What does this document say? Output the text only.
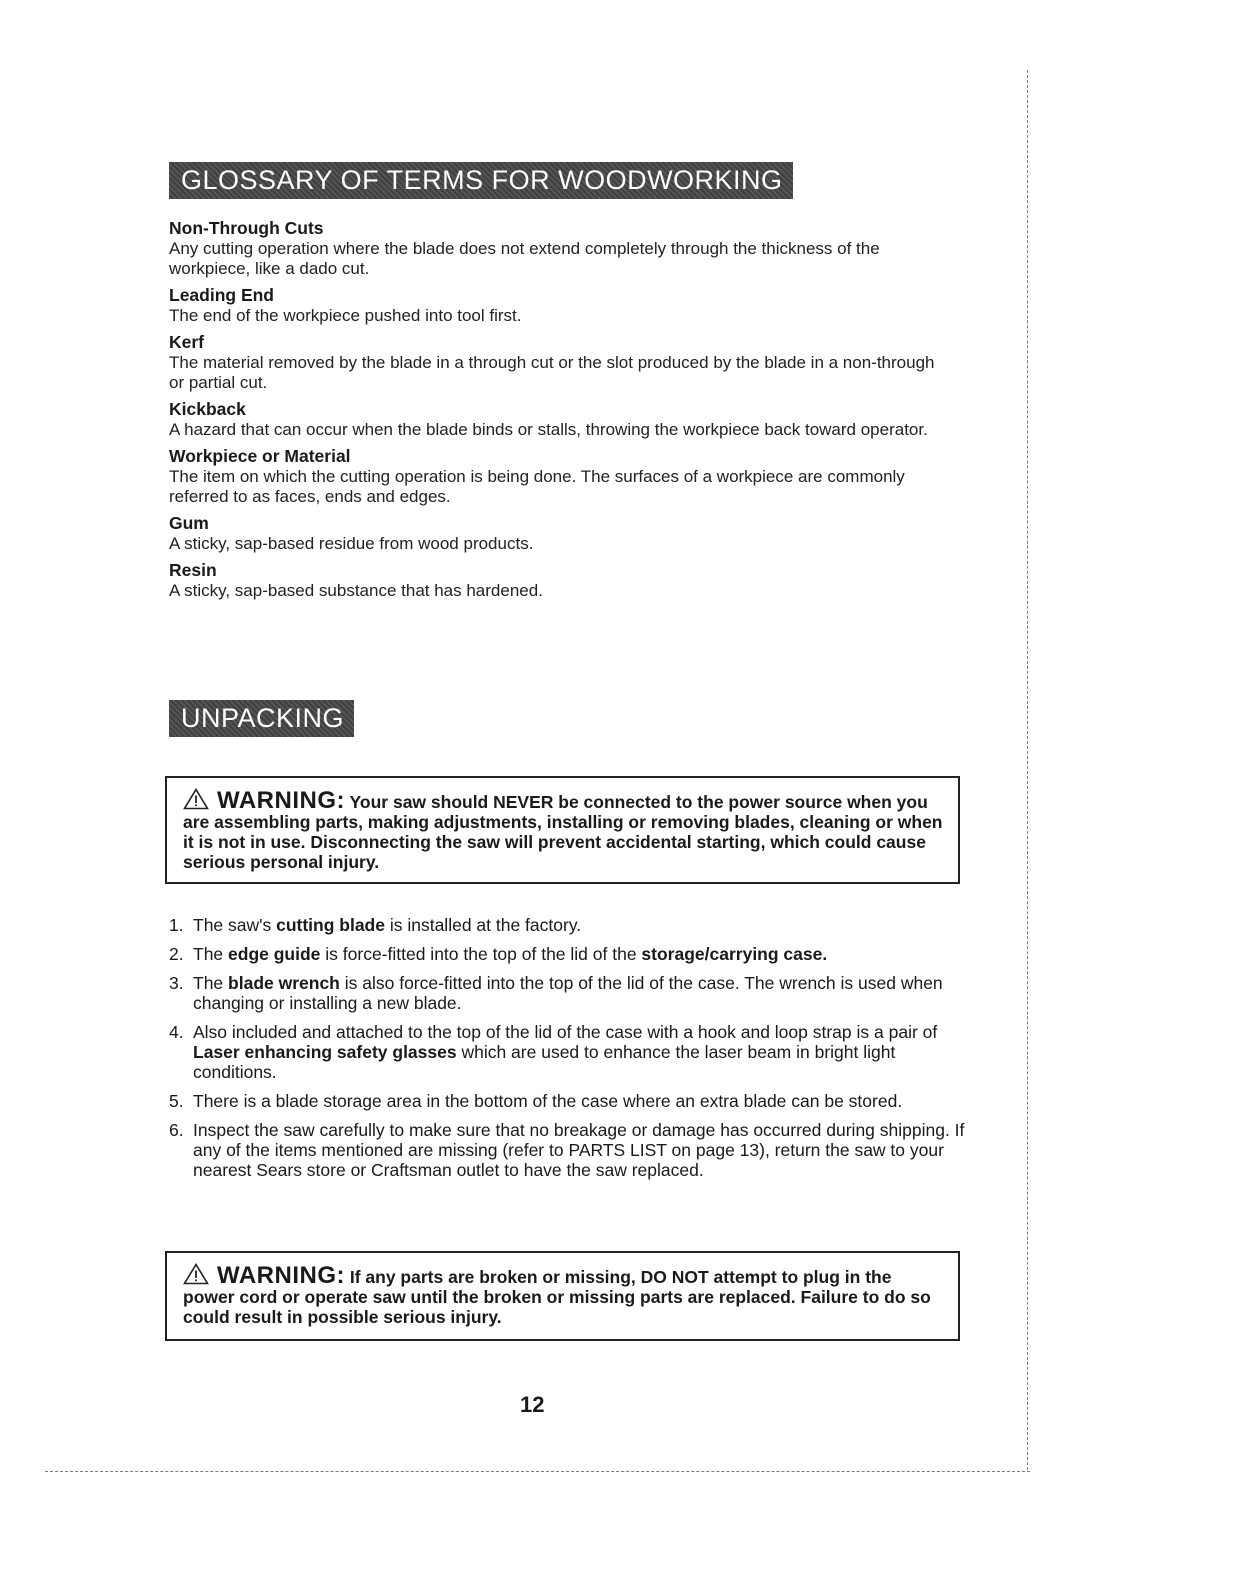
GLOSSARY OF TERMS FOR WOODWORKING
Non-Through Cuts
Any cutting operation where the blade does not extend completely through the thickness of the workpiece, like a dado cut.
Leading End
The end of the workpiece pushed into tool first.
Kerf
The material removed by the blade in a through cut or the slot produced by the blade in a non-through or partial cut.
Kickback
A hazard that can occur when the blade binds or stalls, throwing the workpiece back toward operator.
Workpiece or Material
The item on which the cutting operation is being done. The surfaces of a workpiece are commonly referred to as faces, ends and edges.
Gum
A sticky, sap-based residue from wood products.
Resin
A sticky, sap-based substance that has hardened.
UNPACKING
WARNING: Your saw should NEVER be connected to the power source when you are assembling parts, making adjustments, installing or removing blades, cleaning or when it is not in use. Disconnecting the saw will prevent accidental starting, which could cause serious personal injury.
1. The saw's cutting blade is installed at the factory.
2. The edge guide is force-fitted into the top of the lid of the storage/carrying case.
3. The blade wrench is also force-fitted into the top of the lid of the case. The wrench is used when changing or installing a new blade.
4. Also included and attached to the top of the lid of the case with a hook and loop strap is a pair of Laser enhancing safety glasses which are used to enhance the laser beam in bright light conditions.
5. There is a blade storage area in the bottom of the case where an extra blade can be stored.
6. Inspect the saw carefully to make sure that no breakage or damage has occurred during shipping. If any of the items mentioned are missing (refer to PARTS LIST on page 13), return the saw to your nearest Sears store or Craftsman outlet to have the saw replaced.
WARNING: If any parts are broken or missing, DO NOT attempt to plug in the power cord or operate saw until the broken or missing parts are replaced. Failure to do so could result in possible serious injury.
12
